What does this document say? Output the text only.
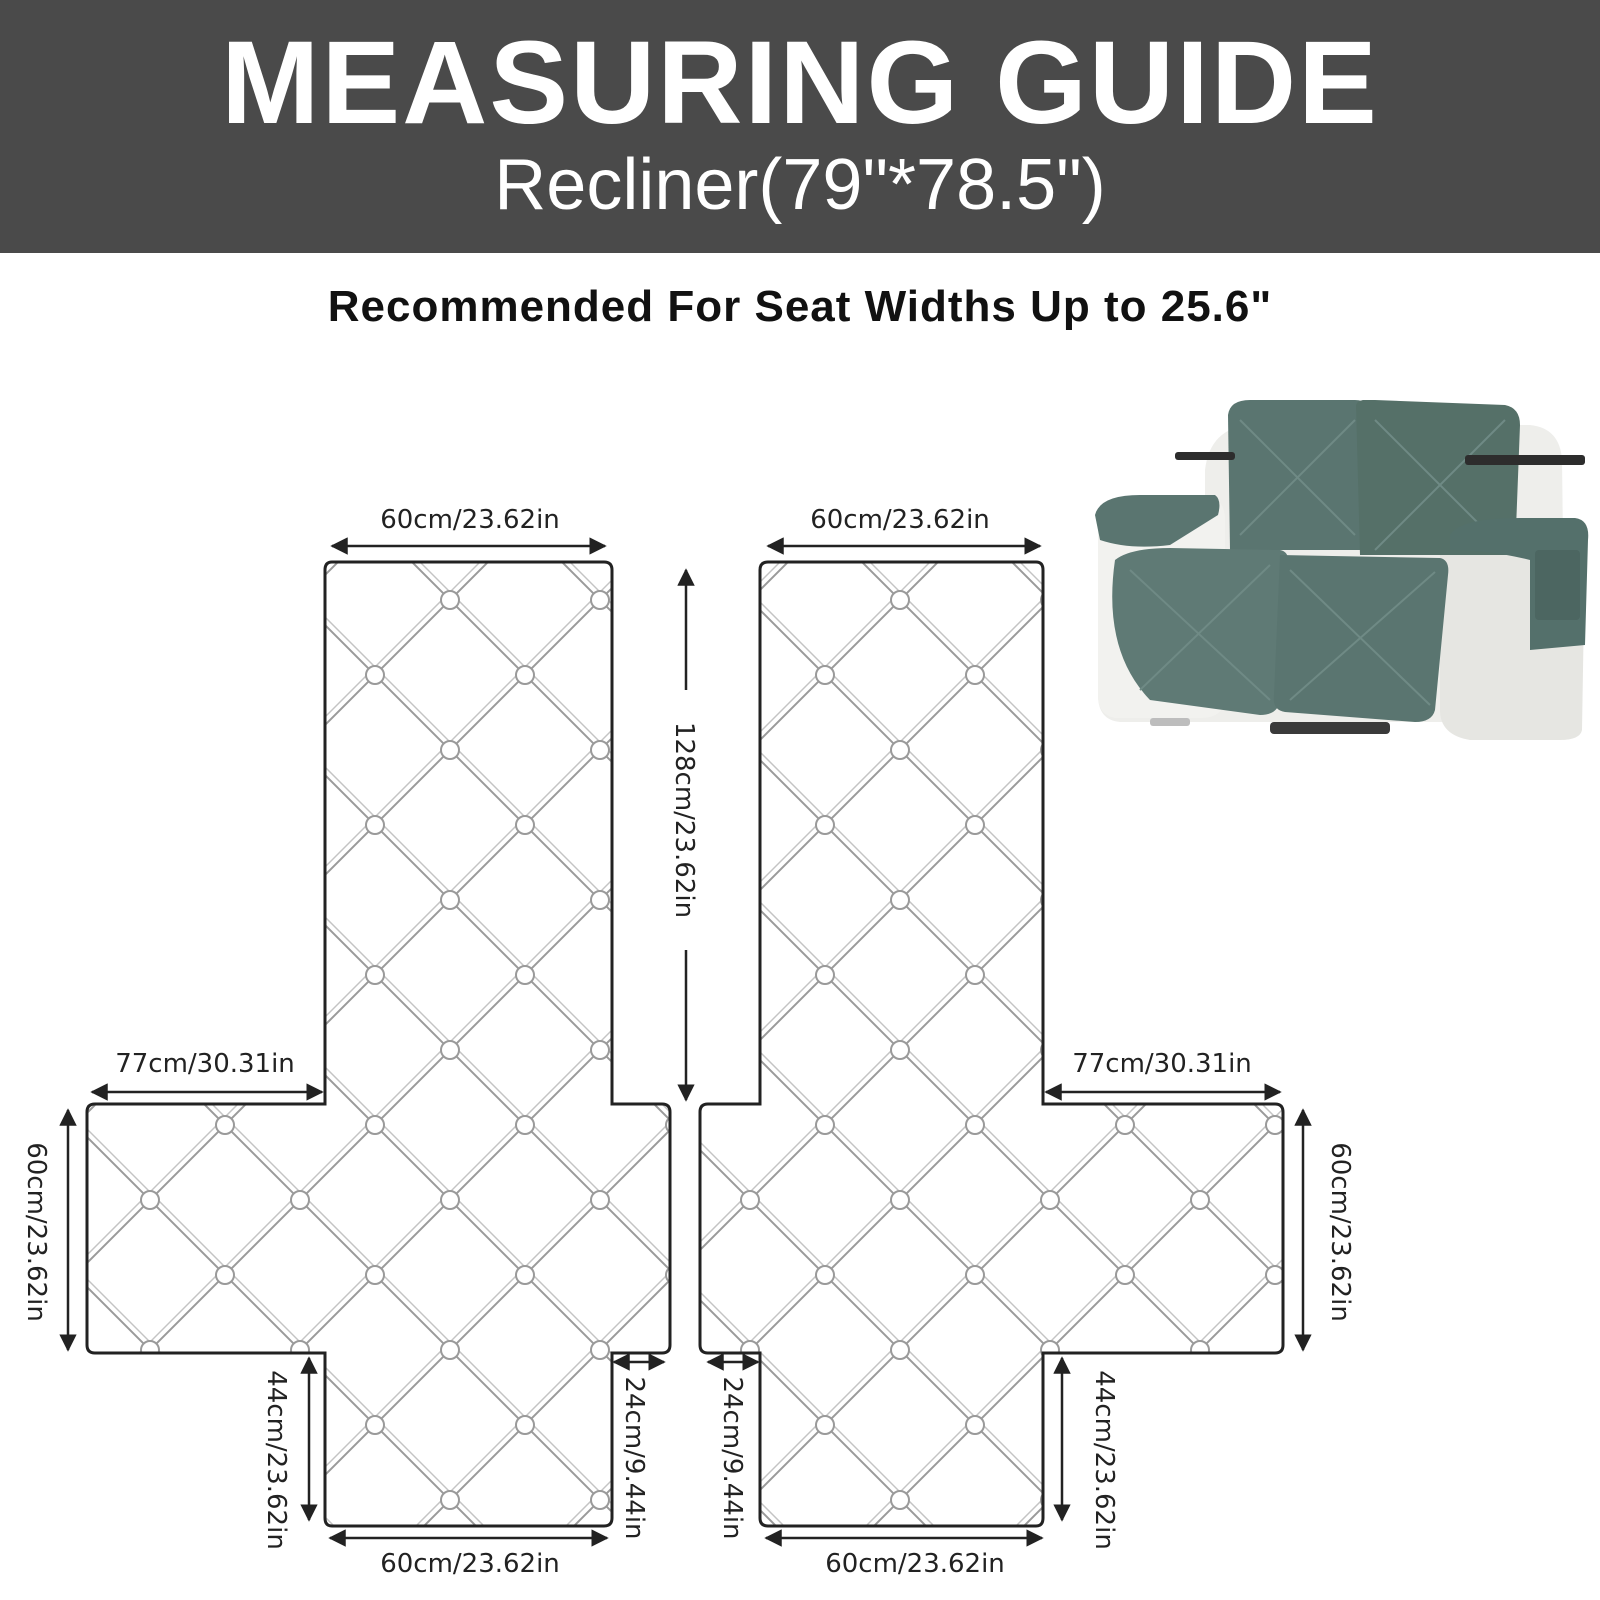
MEASURING GUIDE
Recliner(79"*78.5")
Recommended For Seat Widths Up to 25.6"
60cm/23.62in
128cm/23.62in
77cm/30.31in
60cm/23.62in
44cm/23.62in	24cm/9.44in
60cm/23.62in
60cm/23.62in
77cm/30.31in
60cm/23.62in
44cm/23.62in
24cm/9.44in
60cm/23.62in
